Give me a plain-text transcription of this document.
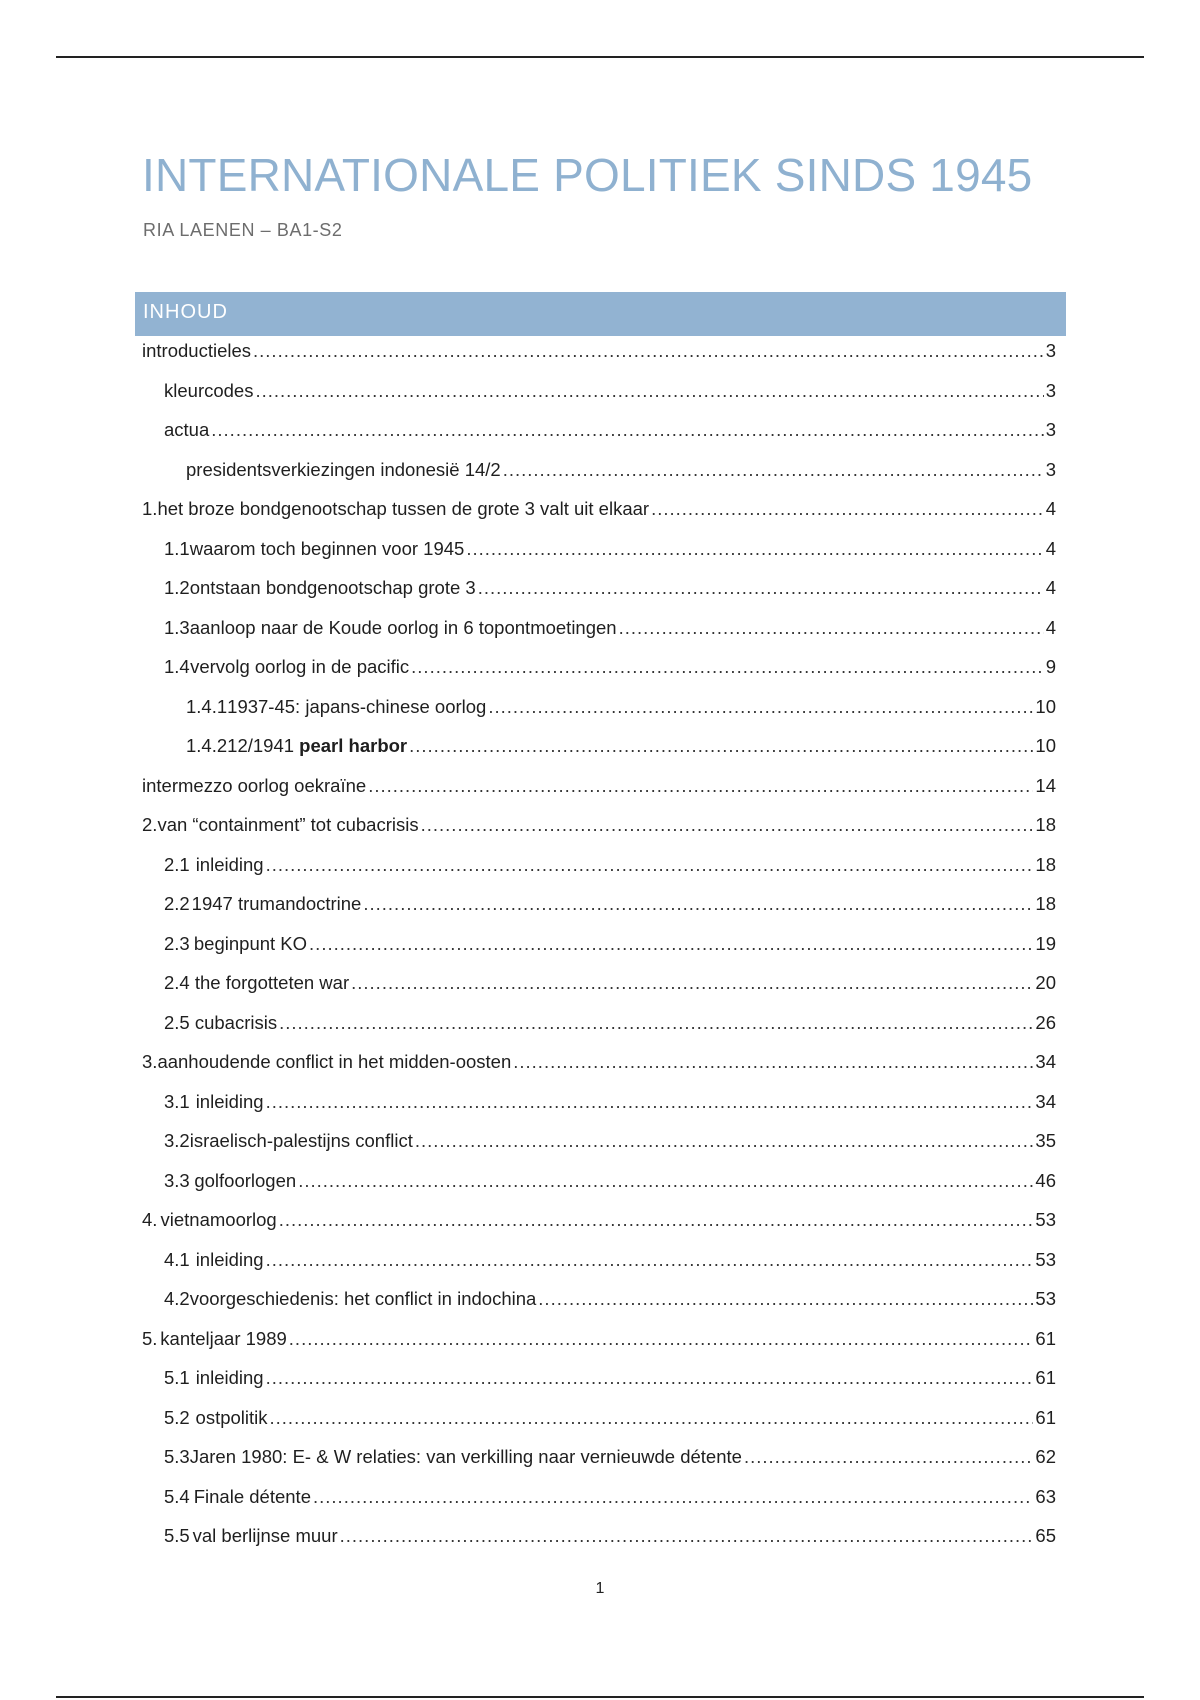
INTERNATIONALE POLITIEK SINDS 1945
RIA LAENEN – BA1-S2
INHOUD
introductieles .....	3
kleurcodes .....	3
actua .....	3
presidentsverkiezingen indonesië 14/2 .....	3
1. het broze bondgenootschap tussen de grote 3 valt uit elkaar .....	4
1.1 waarom toch beginnen voor 1945 .....	4
1.2 ontstaan bondgenootschap grote 3 .....	4
1.3 aanloop naar de Koude oorlog in 6 topontmoetingen .....	4
1.4 vervolg oorlog in de pacific .....	9
1.4.1 1937-45: japans-chinese oorlog .....	10
1.4.2 12/1941 pearl harbor .....	10
intermezzo oorlog oekraïne .....	14
2. van “containment” tot cubacrisis .....	18
2.1 inleiding .....	18
2.2 1947 trumandoctrine .....	18
2.3 beginpunt KO .....	19
2.4 the forgotteten war .....	20
2.5 cubacrisis .....	26
3. aanhoudende conflict in het midden-oosten .....	34
3.1 inleiding .....	34
3.2 israelisch-palestijns conflict .....	35
3.3 golfoorlogen .....	46
4. vietnamoorlog .....	53
4.1 inleiding .....	53
4.2 voorgeschiedenis: het conflict in indochina .....	53
5. kanteljaar 1989 .....	61
5.1 inleiding .....	61
5.2 ostpolitik .....	61
5.3 Jaren 1980: E- & W relaties: van verkilling naar vernieuwde détente .....	62
5.4 Finale détente .....	63
5.5 val berlijnse muur .....	65
1
